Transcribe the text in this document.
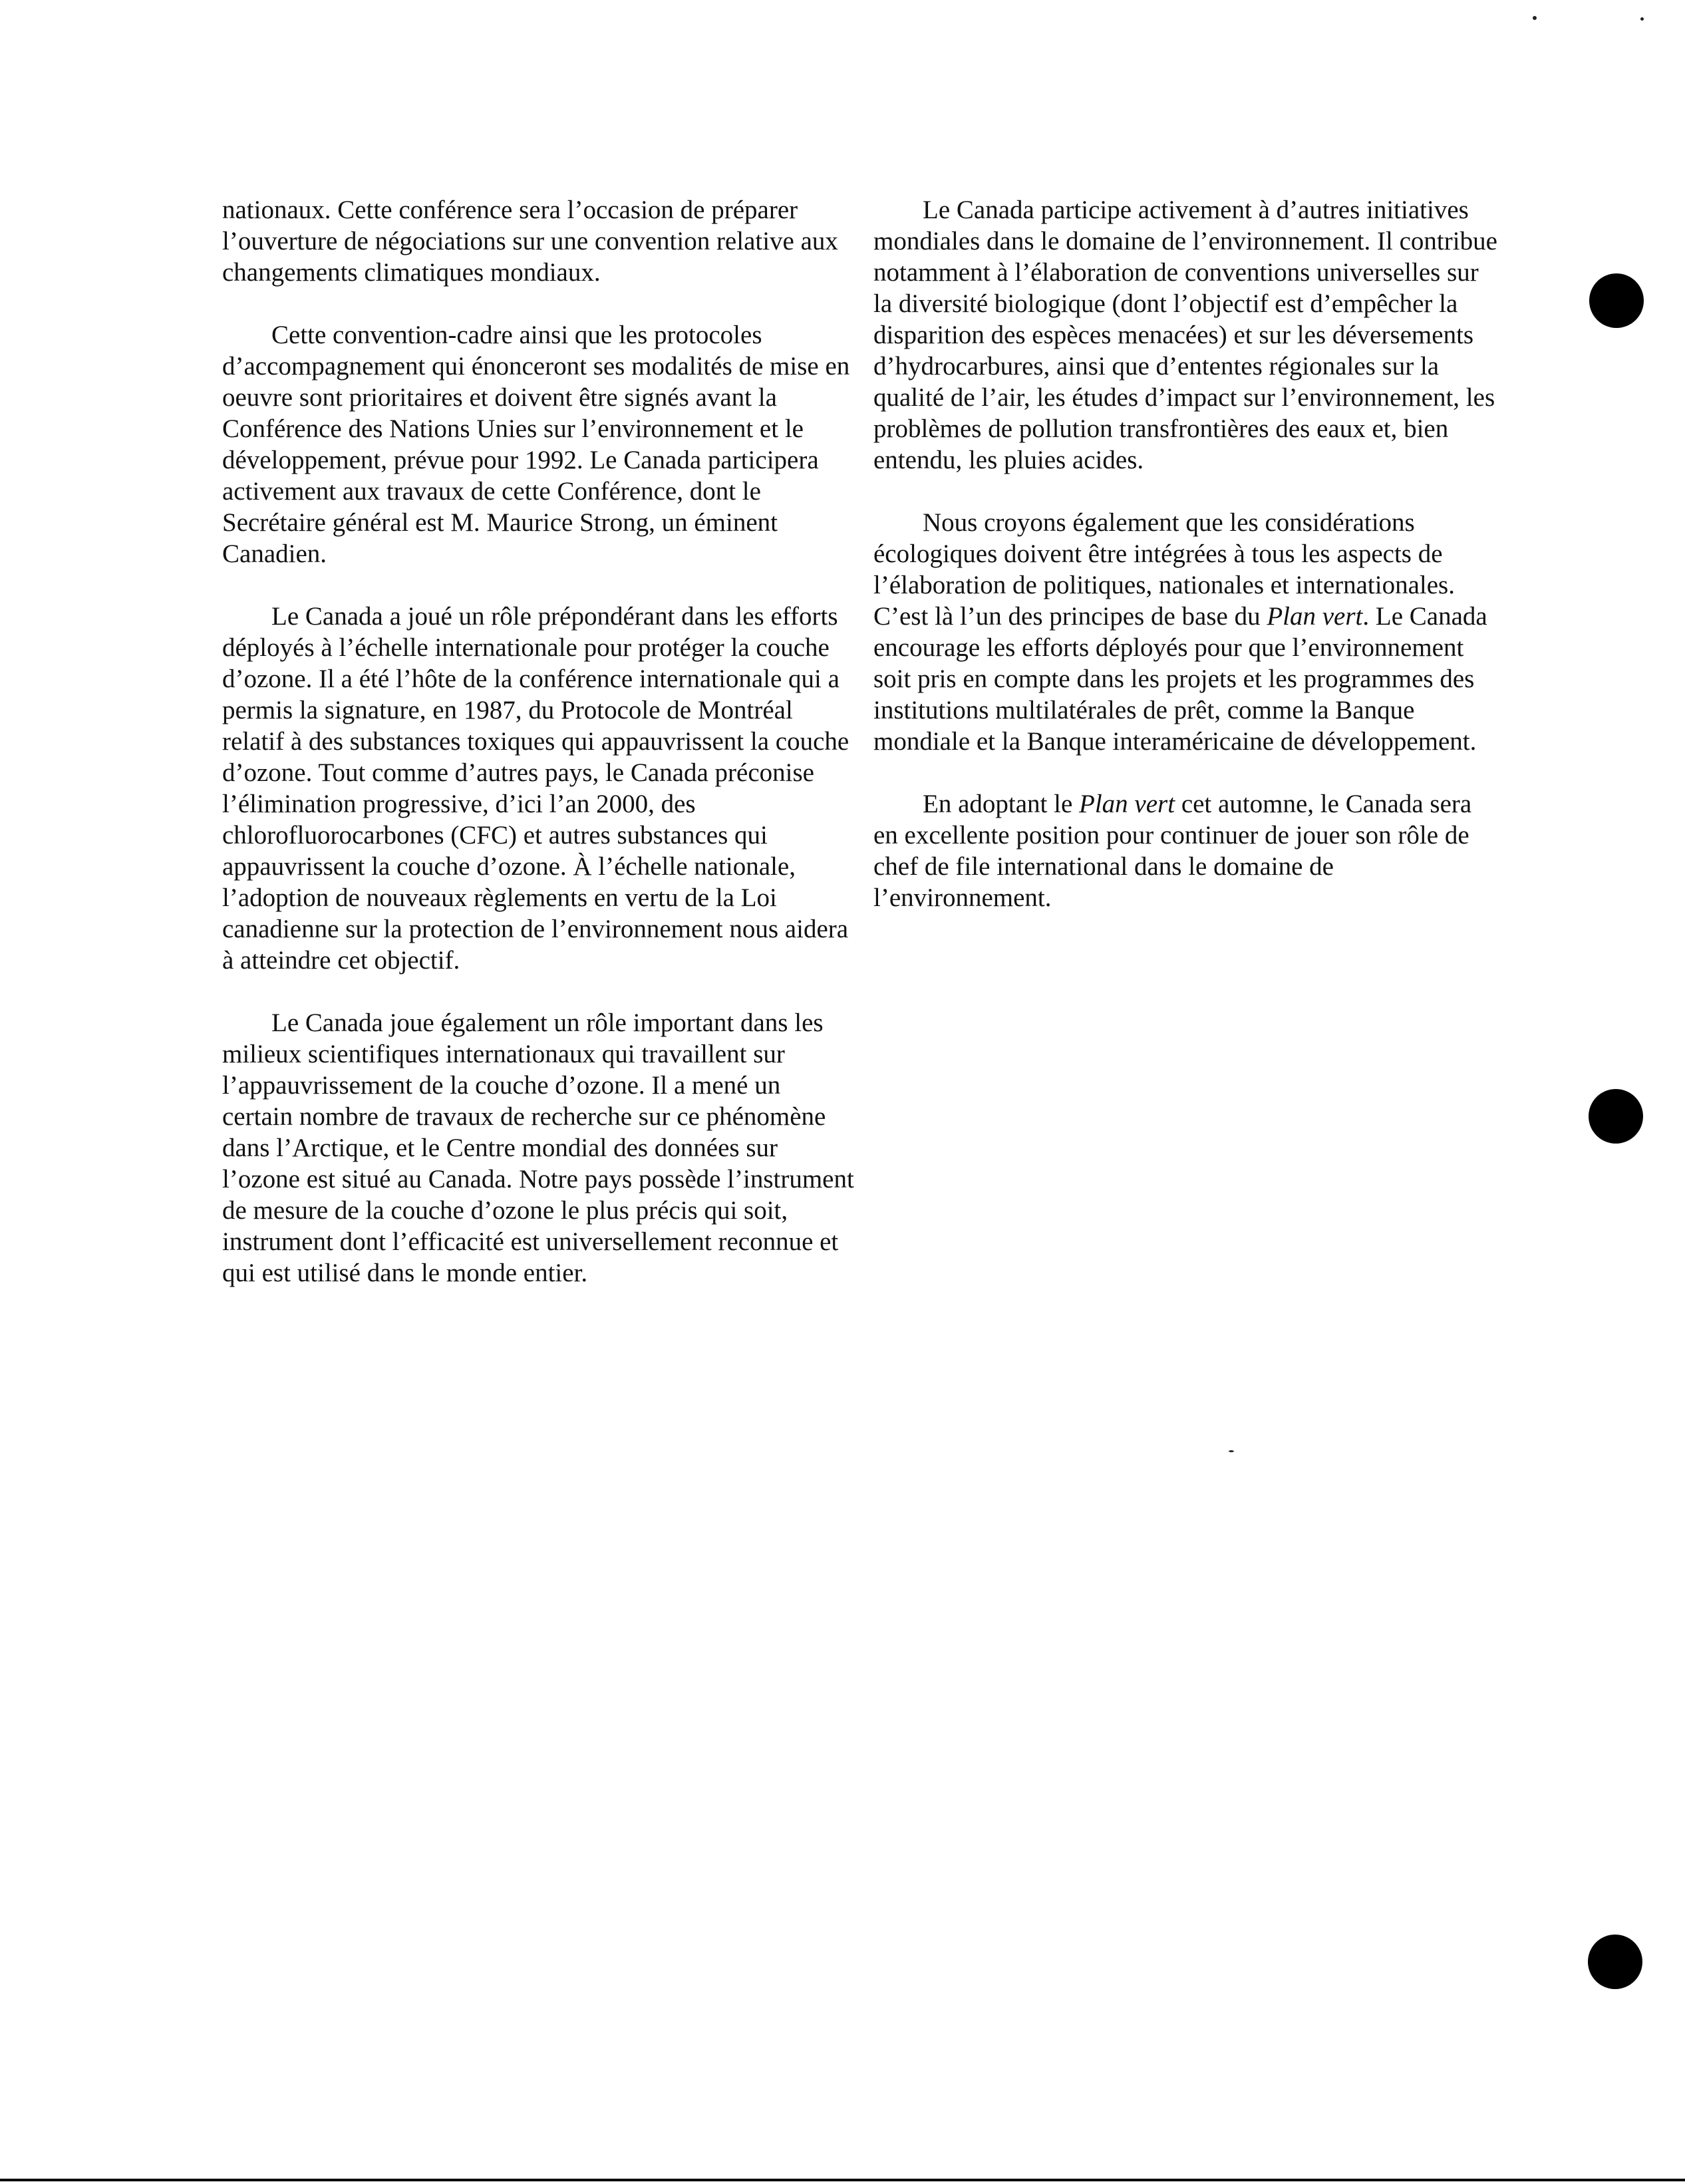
nationaux. Cette conférence sera l’occasion de préparer l’ouverture de négociations sur une convention relative aux changements climatiques mondiaux.

Cette convention-cadre ainsi que les protocoles d’accompagnement qui énonceront ses modalités de mise en oeuvre sont prioritaires et doivent être signés avant la Conférence des Nations Unies sur l’environnement et le développement, prévue pour 1992. Le Canada participera activement aux travaux de cette Conférence, dont le Secrétaire général est M. Maurice Strong, un éminent Canadien.

Le Canada a joué un rôle prépondérant dans les efforts déployés à l’échelle internationale pour protéger la couche d’ozone. Il a été l’hôte de la conférence internationale qui a permis la signature, en 1987, du Protocole de Montréal relatif à des substances toxiques qui appauvrissent la couche d’ozone. Tout comme d’autres pays, le Canada préconise l’élimination progressive, d’ici l’an 2000, des chlorofluorocarbones (CFC) et autres substances qui appauvrissent la couche d’ozone. À l’échelle nationale, l’adoption de nouveaux règlements en vertu de la Loi canadienne sur la protection de l’environnement nous aidera à atteindre cet objectif.

Le Canada joue également un rôle important dans les milieux scientifiques internationaux qui travaillent sur l’appauvrissement de la couche d’ozone. Il a mené un certain nombre de travaux de recherche sur ce phénomène dans l’Arctique, et le Centre mondial des données sur l’ozone est situé au Canada. Notre pays possède l’instrument de mesure de la couche d’ozone le plus précis qui soit, instrument dont l’efficacité est universellement reconnue et qui est utilisé dans le monde entier.

Le Canada participe activement à d’autres initiatives mondiales dans le domaine de l’environnement. Il contribue notamment à l’élaboration de conventions universelles sur la diversité biologique (dont l’objectif est d’empêcher la disparition des espèces menacées) et sur les déversements d’hydrocarbures, ainsi que d’ententes régionales sur la qualité de l’air, les études d’impact sur l’environnement, les problèmes de pollution transfrontières des eaux et, bien entendu, les pluies acides.

Nous croyons également que les considérations écologiques doivent être intégrées à tous les aspects de l’élaboration de politiques, nationales et internationales. C’est là l’un des principes de base du Plan vert. Le Canada encourage les efforts déployés pour que l’environnement soit pris en compte dans les projets et les programmes des institutions multilatérales de prêt, comme la Banque mondiale et la Banque interaméricaine de développement.

En adoptant le Plan vert cet automne, le Canada sera en excellente position pour continuer de jouer son rôle de chef de file international dans le domaine de l’environnement.
